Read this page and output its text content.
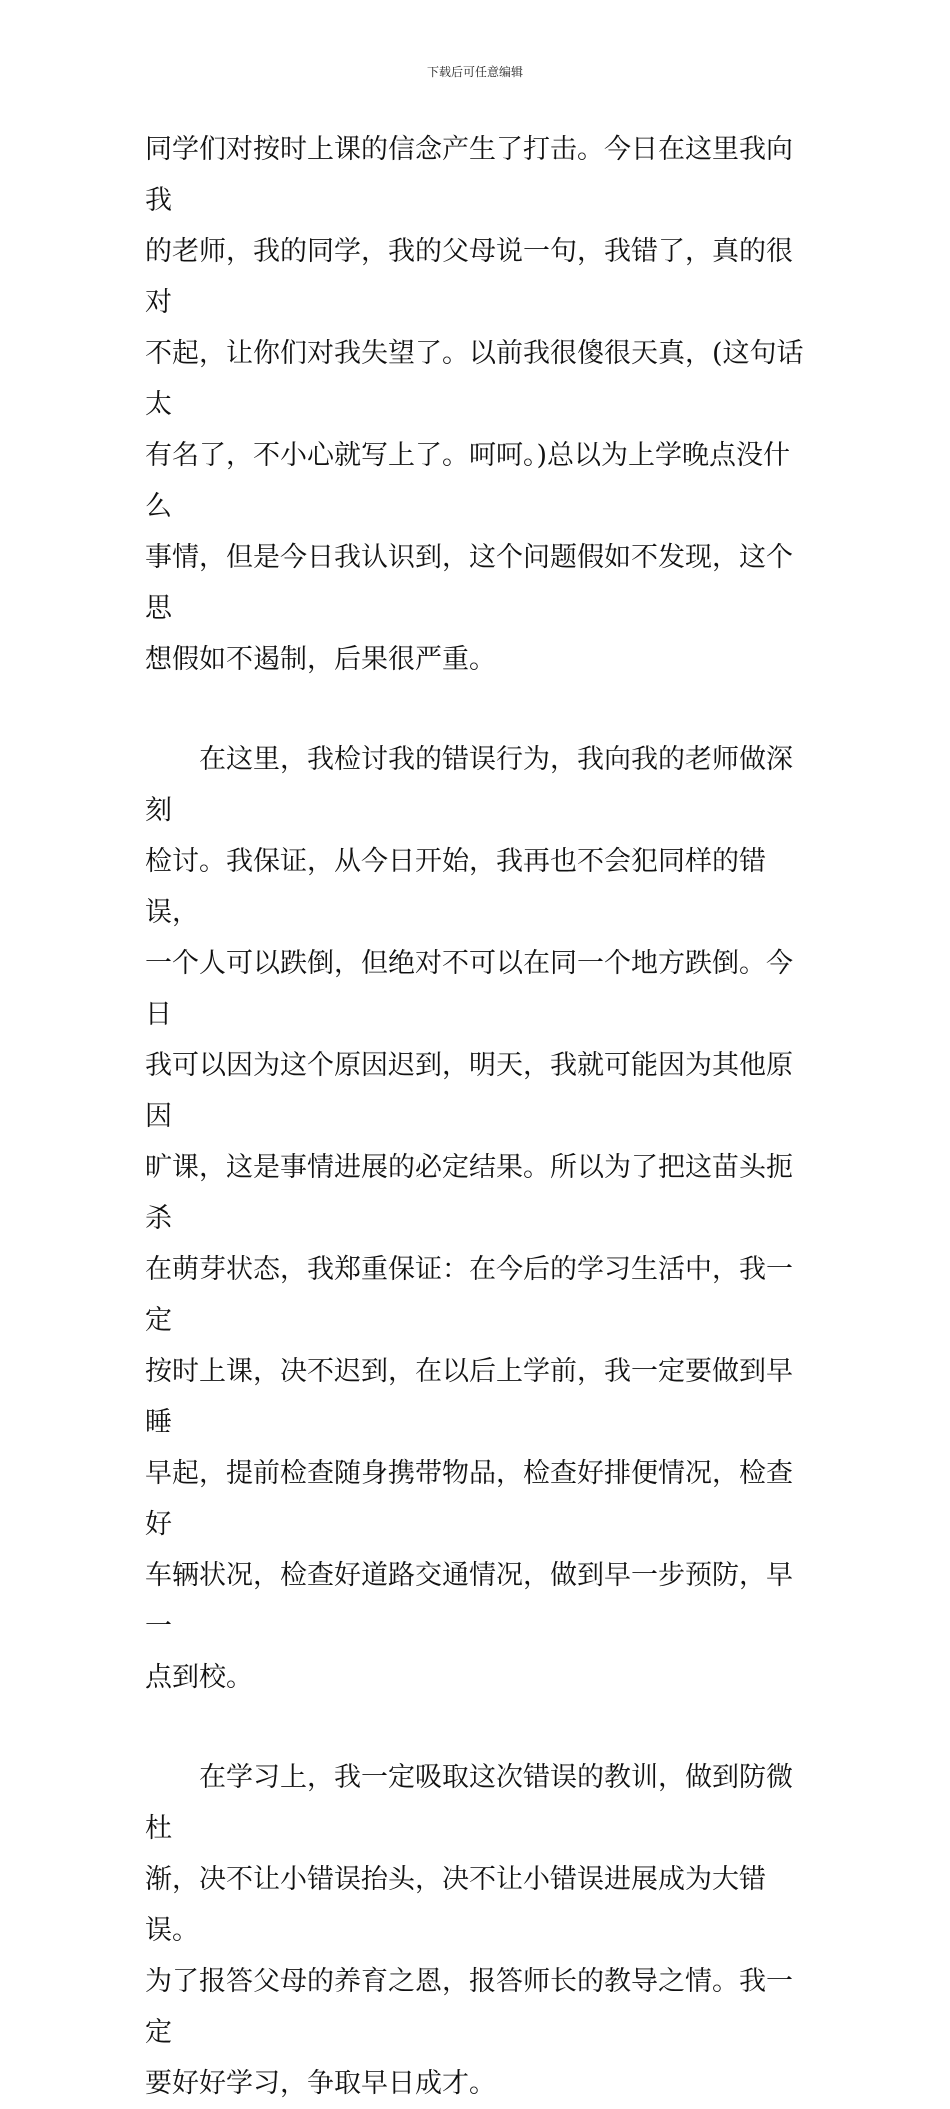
下载后可任意编辑

同学们对按时上课的信念产生了打击。今日在这里我向我
的老师，我的同学，我的父母说一句，我错了，真的很对
不起，让你们对我失望了。以前我很傻很天真，(这句话太
有名了，不小心就写上了。呵呵。)总以为上学晚点没什么
事情，但是今日我认识到，这个问题假如不发现，这个思
想假如不遏制，后果很严重。

　　在这里，我检讨我的错误行为，我向我的老师做深刻
检讨。我保证，从今日开始，我再也不会犯同样的错误，
一个人可以跌倒，但绝对不可以在同一个地方跌倒。今日
我可以因为这个原因迟到，明天，我就可能因为其他原因
旷课，这是事情进展的必定结果。所以为了把这苗头扼杀
在萌芽状态，我郑重保证：在今后的学习生活中，我一定
按时上课，决不迟到，在以后上学前，我一定要做到早睡
早起，提前检查随身携带物品，检查好排便情况，检查好
车辆状况，检查好道路交通情况，做到早一步预防，早一
点到校。

　　在学习上，我一定吸取这次错误的教训，做到防微杜
渐，决不让小错误抬头，决不让小错误进展成为大错误。
为了报答父母的养育之恩，报答师长的教导之情。我一定
要好好学习，争取早日成才。
